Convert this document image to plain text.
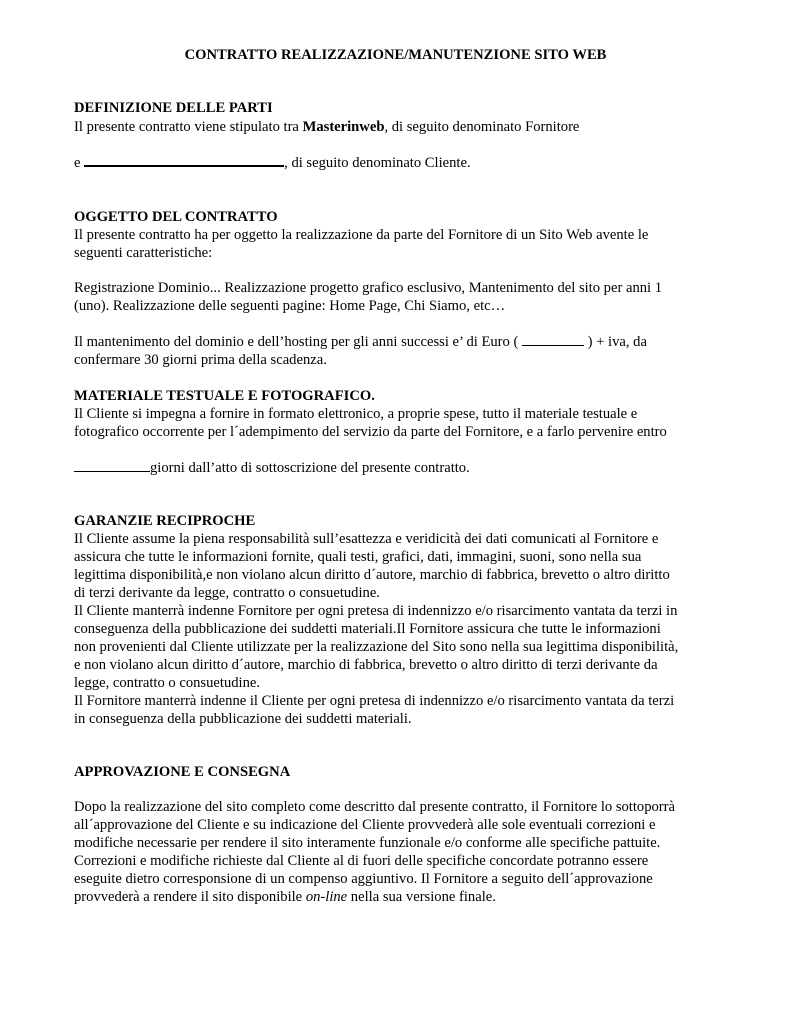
CONTRATTO REALIZZAZIONE/MANUTENZIONE SITO WEB
DEFINIZIONE DELLE PARTI
Il presente contratto viene stipulato tra Masterinweb, di seguito denominato Fornitore
e	, di seguito denominato Cliente.
OGGETTO DEL CONTRATTO
Il presente contratto ha per oggetto la realizzazione da parte del Fornitore di un Sito Web avente le
seguenti caratteristiche:
Registrazione Dominio... Realizzazione progetto grafico esclusivo, Mantenimento del sito per anni 1
(uno). Realizzazione delle seguenti pagine: Home Page, Chi Siamo, etc…
Il mantenimento del dominio e dell’hosting per gli anni successi e’ di Euro (	) + iva, da
confermare 30 giorni prima della scadenza.
MATERIALE TESTUALE E FOTOGRAFICO.
Il Cliente si impegna a fornire in formato elettronico, a proprie spese, tutto il materiale testuale e
fotografico occorrente per l´adempimento del servizio da parte del Fornitore, e a farlo pervenire entro
giorni dall’atto di sottoscrizione del presente contratto.
GARANZIE RECIPROCHE
Il Cliente assume la piena responsabilità sull’esattezza e veridicità dei dati comunicati al Fornitore e
assicura che tutte le informazioni fornite, quali testi, grafici, dati, immagini, suoni, sono nella sua
legittima disponibilità,e non violano alcun diritto d´autore, marchio di fabbrica, brevetto o altro diritto
di terzi derivante da legge, contratto o consuetudine.
Il Cliente manterrà indenne Fornitore per ogni pretesa di indennizzo e/o risarcimento vantata da terzi in
conseguenza della pubblicazione dei suddetti materiali.Il Fornitore assicura che tutte le informazioni
non provenienti dal Cliente utilizzate per la realizzazione del Sito sono nella sua legittima disponibilità,
e non violano alcun diritto d´autore, marchio di fabbrica, brevetto o altro diritto di terzi derivante da
legge, contratto o consuetudine.
Il Fornitore manterrà indenne il Cliente per ogni pretesa di indennizzo e/o risarcimento vantata da terzi
in conseguenza della pubblicazione dei suddetti materiali.
APPROVAZIONE E CONSEGNA
Dopo la realizzazione del sito completo come descritto dal presente contratto, il Fornitore lo sottoporrà
all´approvazione del Cliente e su indicazione del Cliente provvederà alle sole eventuali correzioni e
modifiche necessarie per rendere il sito interamente funzionale e/o conforme alle specifiche pattuite.
Correzioni e modifiche richieste dal Cliente al di fuori delle specifiche concordate potranno essere
eseguite dietro corresponsione di un compenso aggiuntivo. Il Fornitore a seguito dell´approvazione
provvederà a rendere il sito disponibile on-line nella sua versione finale.
